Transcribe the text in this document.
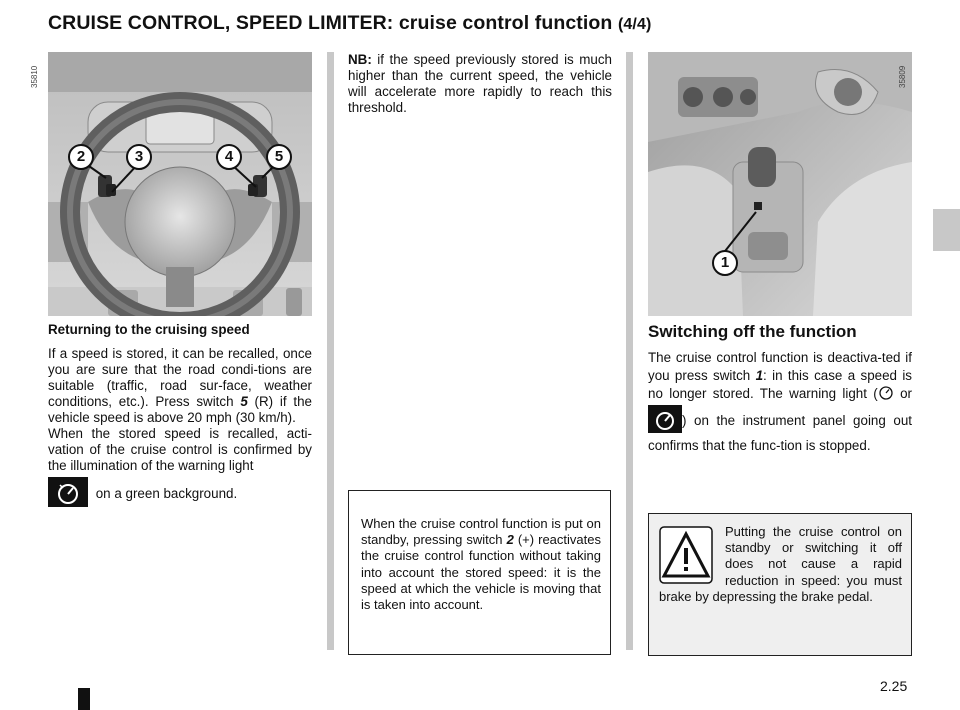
CRUISE CONTROL, SPEED LIMITER: cruise control function (4/4)
2	3	4	5
35810
1
35809
Returning to the cruising speed

If a speed is stored, it can be recalled, once you are sure that the road condi-tions are suitable (traffic, road sur-face, weather conditions, etc.). Press switch 5 (R) if the vehicle speed is above 20 mph (30 km/h).

When the stored speed is recalled, acti-vation of the cruise control is confirmed by the illumination of the warning light

on a green background.

NB: if the speed previously stored is much higher than the current speed, the vehicle will accelerate more rapidly to reach this threshold.

When the cruise control function is put on standby, pressing switch 2 (+) reactivates the cruise control function without taking into account the stored speed: it is the speed at which the vehicle is moving that is taken into account.

Switching off the function

The cruise control function is deactiva-ted if you press switch 1: in this case a speed is no longer stored. The warning light ( or ) on the instrument panel going out confirms that the func-tion is stopped.

Putting the cruise control on standby or switching it off does not cause a rapid reduction in speed: you must brake by depressing the brake pedal.

2.25
